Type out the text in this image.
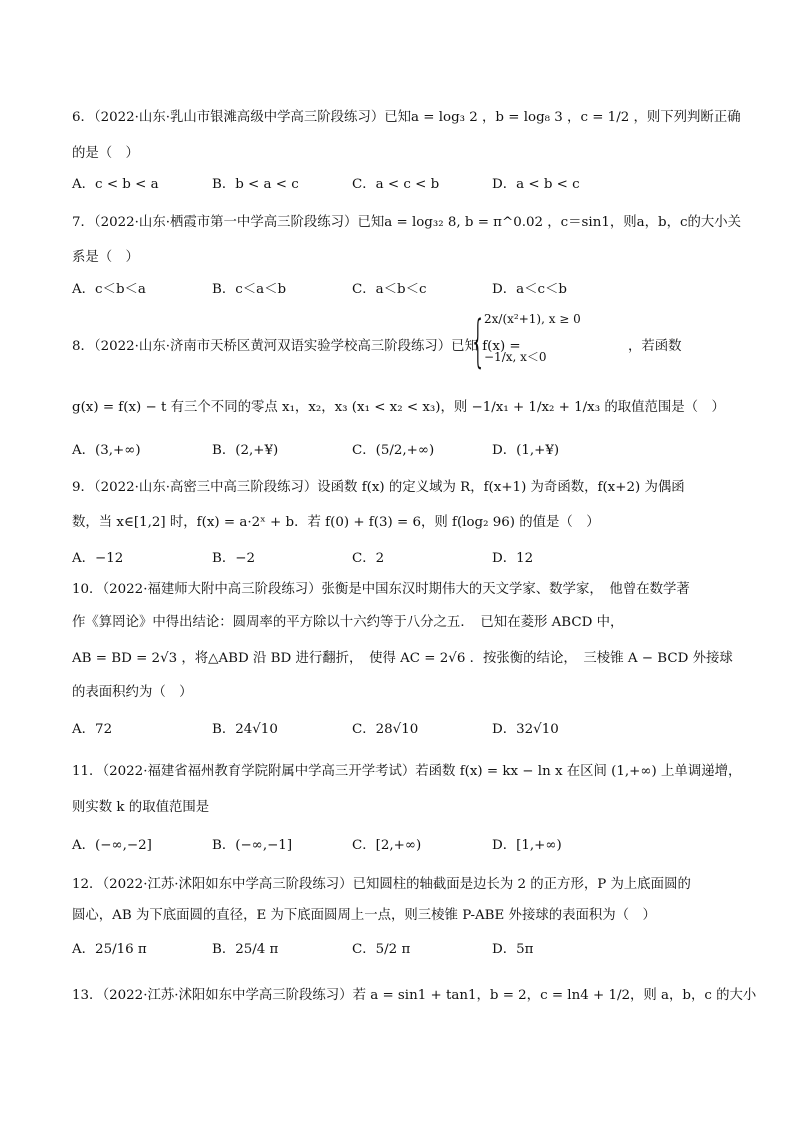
6．（2022·山东·乳山市银滩高级中学高三阶段练习）已知a = log₃ 2 ，b = log₈ 3 ，c = 1/2 ，则下列判断正确
的是（　）
A．c < b < a	B．b < a < c	C．a < c < b	D．a < b < c
7．（2022·山东·栖霞市第一中学高三阶段练习）已知a = log₃₂ 8, b = π^0.02 ，c＝sin1，则a，b，c的大小关
系是（　）
A．c＜b＜a	B．c＜a＜b	C．a＜b＜c	D．a＜c＜b
8．（2022·山东·济南市天桥区黄河双语实验学校高三阶段练习）已知 f(x) =
{
2x/(x²+1), x ≥ 0
−1/x, x＜0
，若函数
g(x) = f(x) − t 有三个不同的零点 x₁，x₂，x₃ (x₁ < x₂ < x₃)，则 −1/x₁ + 1/x₂ + 1/x₃ 的取值范围是（　）
A．(3,+∞)	B．(2,+¥)	C．(5/2,+∞)	D．(1,+¥)
9．（2022·山东·高密三中高三阶段练习）设函数 f(x) 的定义域为 R，f(x+1) 为奇函数，f(x+2) 为偶函
数，当 x∈[1,2] 时，f(x) = a·2ˣ + b．若 f(0) + f(3) = 6，则 f(log₂ 96) 的值是（　）
A．−12	B．−2	C．2	D．12
10．（2022·福建师大附中高三阶段练习）张衡是中国东汉时期伟大的天文学家、数学家，　他曾在数学著
作《算罔论》中得出结论：圆周率的平方除以十六约等于八分之五．　已知在菱形 ABCD 中，
AB = BD = 2√3 ，将△ABD 沿 BD 进行翻折，　使得 AC = 2√6 ．按张衡的结论，　三棱锥 A − BCD 外接球
的表面积约为（　）
A．72	B．24√10	C．28√10	D．32√10
11．（2022·福建省福州教育学院附属中学高三开学考试）若函数 f(x) = kx − ln x 在区间 (1,+∞) 上单调递增，
则实数 k 的取值范围是
A．(−∞,−2]	B．(−∞,−1]	C．[2,+∞)	D．[1,+∞)
12．（2022·江苏·沭阳如东中学高三阶段练习）已知圆柱的轴截面是边长为 2 的正方形，P 为上底面圆的
圆心，AB 为下底面圆的直径，E 为下底面圆周上一点，则三棱锥 P-ABE 外接球的表面积为（　）
A．25/16 π	B．25/4 π	C．5/2 π	D．5π
13．（2022·江苏·沭阳如东中学高三阶段练习）若 a = sin1 + tan1，b = 2，c = ln4 + 1/2，则 a，b，c 的大小
